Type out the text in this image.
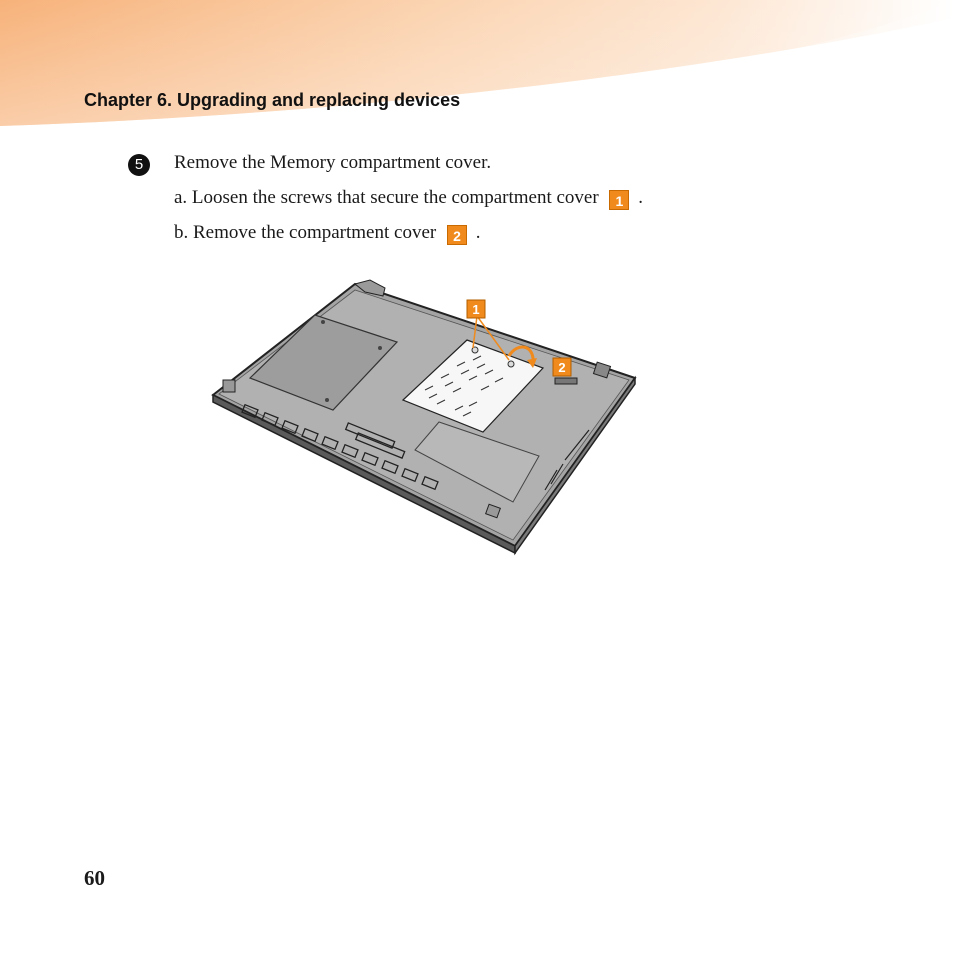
Chapter 6. Upgrading and replacing devices
5	Remove the Memory compartment cover.
a. Loosen the screws that secure the compartment cover 1 .
b. Remove the compartment cover 2 .
1
2
60
